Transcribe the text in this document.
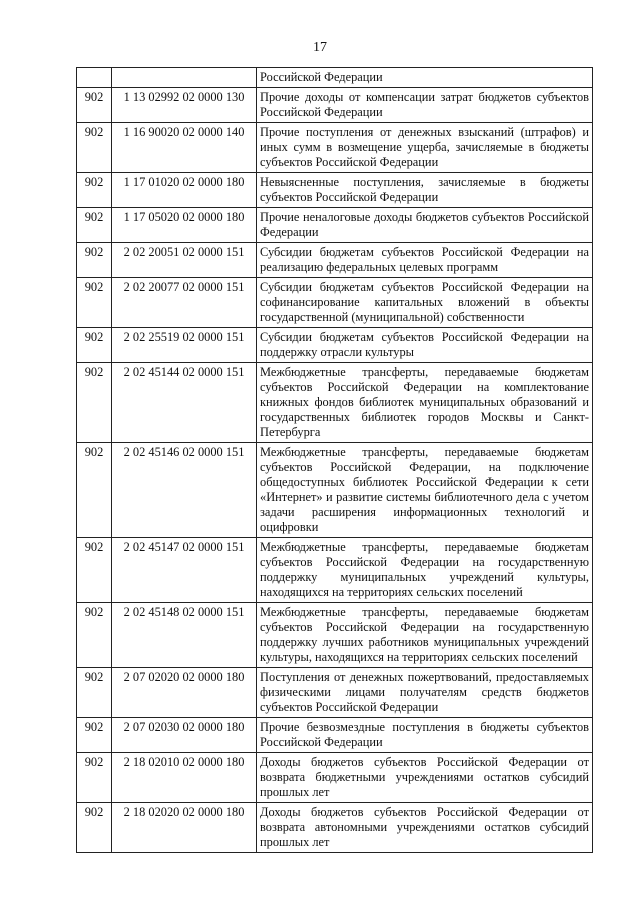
17
		Российской Федерации
902	1 13 02992 02 0000 130	Прочие доходы от компенсации затрат бюджетов субъектов Российской Федерации
902	1 16 90020 02 0000 140	Прочие поступления от денежных взысканий (штрафов) и иных сумм в возмещение ущерба, зачисляемые в бюджеты субъектов Российской Федерации
902	1 17 01020 02 0000 180	Невыясненные поступления, зачисляемые в бюджеты субъектов Российской Федерации
902	1 17 05020 02 0000 180	Прочие неналоговые доходы бюджетов субъектов Российской Федерации
902	2 02 20051 02 0000 151	Субсидии бюджетам субъектов Российской Федерации на реализацию федеральных целевых программ
902	2 02 20077 02 0000 151	Субсидии бюджетам субъектов Российской Федерации на софинансирование капитальных вложений в объекты государственной (муниципальной) собственности
902	2 02 25519 02 0000 151	Субсидии бюджетам субъектов Российской Федерации на поддержку отрасли культуры
902	2 02 45144 02 0000 151	Межбюджетные трансферты, передаваемые бюджетам субъектов Российской Федерации на комплектование книжных фондов библиотек муниципальных образований и государственных библиотек городов Москвы и Санкт-Петербурга
902	2 02 45146 02 0000 151	Межбюджетные трансферты, передаваемые бюджетам субъектов Российской Федерации, на подключение общедоступных библиотек Российской Федерации к сети «Интернет» и развитие системы библиотечного дела с учетом задачи расширения информационных технологий и оцифровки
902	2 02 45147 02 0000 151	Межбюджетные трансферты, передаваемые бюджетам субъектов Российской Федерации на государственную поддержку муниципальных учреждений культуры, находящихся на территориях сельских поселений
902	2 02 45148 02 0000 151	Межбюджетные трансферты, передаваемые бюджетам субъектов Российской Федерации на государственную поддержку лучших работников муниципальных учреждений культуры, находящихся на территориях сельских поселений
902	2 07 02020 02 0000 180	Поступления от денежных пожертвований, предоставляемых физическими лицами получателям средств бюджетов субъектов Российской Федерации
902	2 07 02030 02 0000 180	Прочие безвозмездные поступления в бюджеты субъектов Российской Федерации
902	2 18 02010 02 0000 180	Доходы бюджетов субъектов Российской Федерации от возврата бюджетными учреждениями остатков субсидий прошлых лет
902	2 18 02020 02 0000 180	Доходы бюджетов субъектов Российской Федерации от возврата автономными учреждениями остатков субсидий прошлых лет
